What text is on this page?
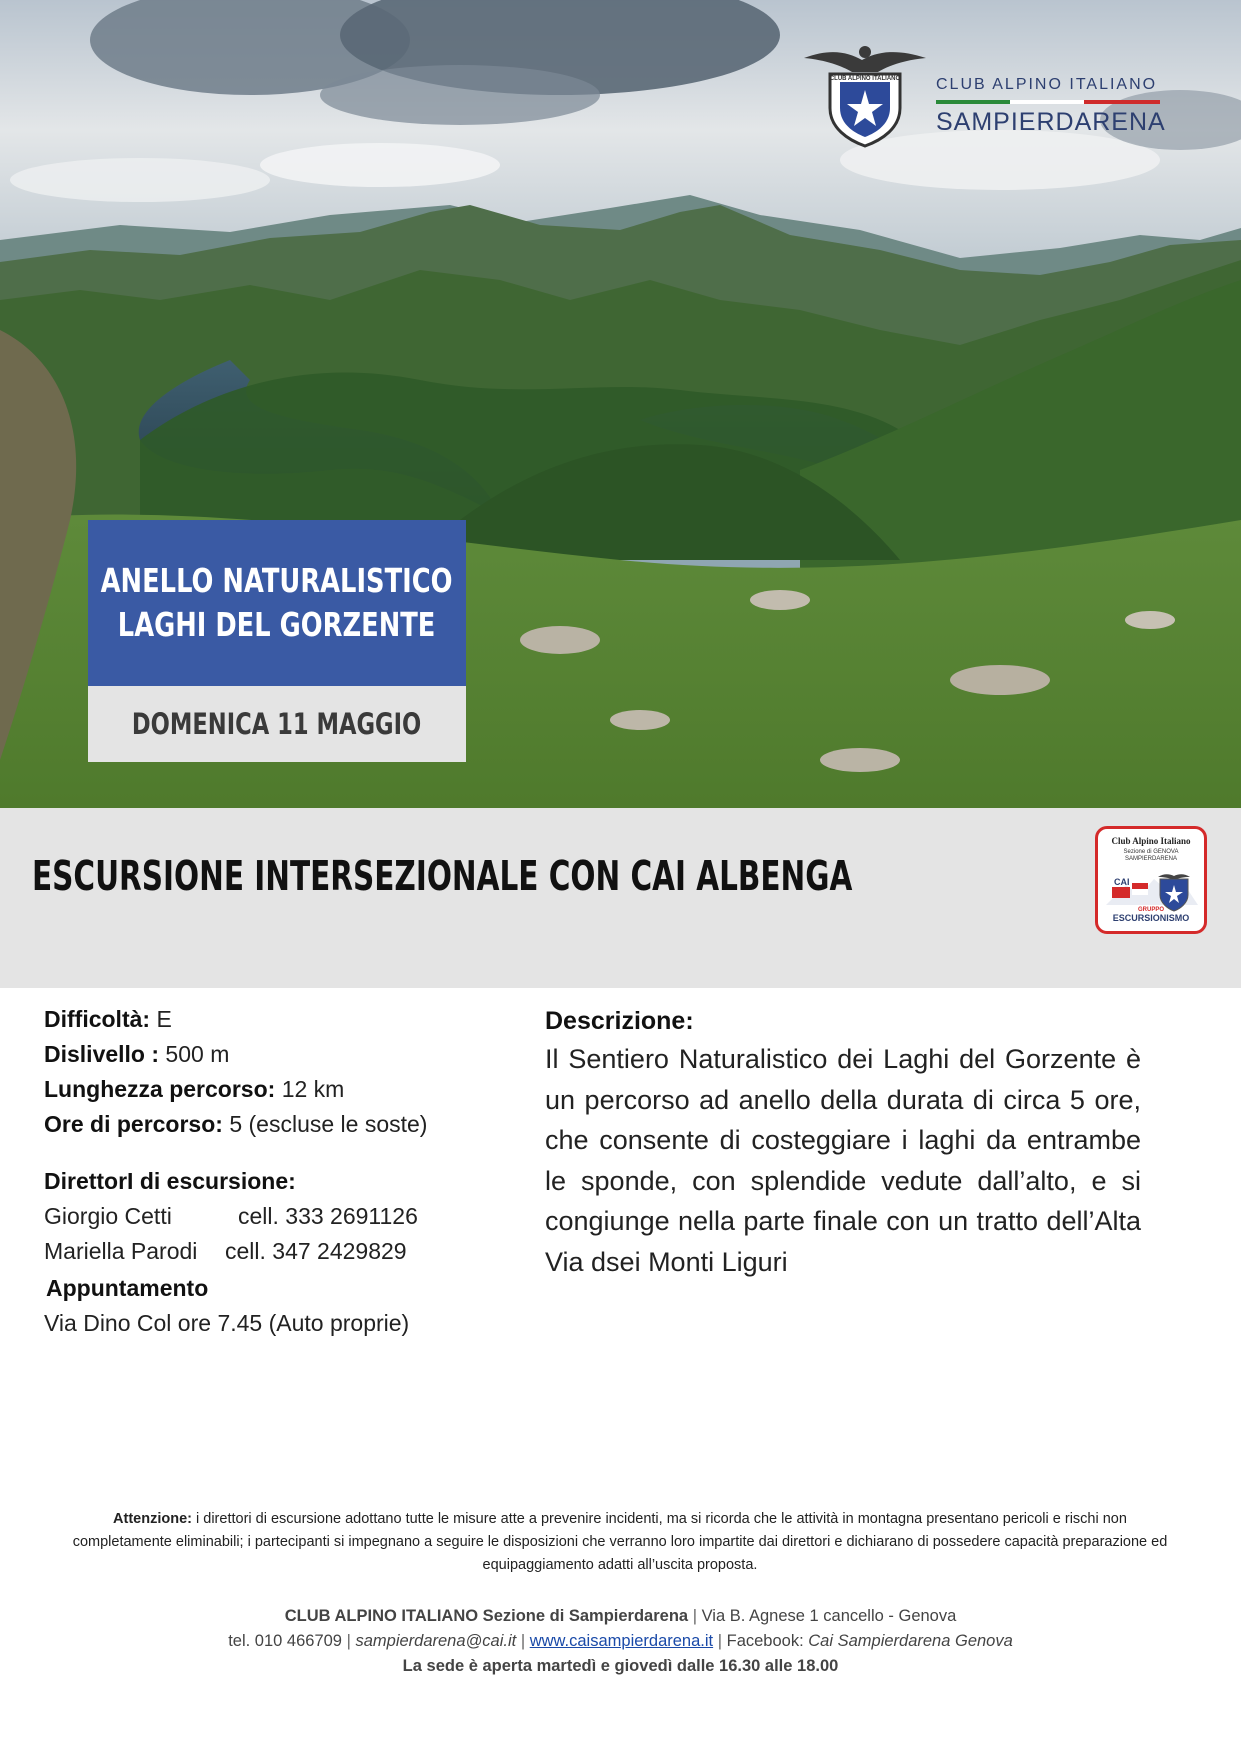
CLUB ALPINO ITALIANO CLUB ALPINO ITALIANO
SAMPIERDARENA
ANELLO NATURALISTICO
LAGHI DEL GORZENTE
DOMENICA 11 MAGGIO
ESCURSIONE INTERSEZIONALE CON CAI ALBENGA
Club Alpino Italiano
Sezione di GENOVA
SAMPIERDARENA
CAI
GRUPPO
ESCURSIONISMO
Difficoltà: E
Dislivello : 500 m
Lunghezza percorso: 12 km
Ore di percorso: 5 (escluse le soste)
DirettorI di escursione:
Giorgio Cetti	cell. 333 2691126
Mariella Parodi	cell. 347 2429829
Appuntamento
Via Dino Col ore 7.45 (Auto proprie)
Descrizione:
Il Sentiero Naturalistico dei Laghi del Gorzente è un percorso ad anello della durata di circa 5 ore, che consente di costeggiare i laghi da entrambe le sponde, con splendide vedute dall’alto, e si congiunge nella parte finale con un tratto dell’Alta Via dsei Monti Liguri
Attenzione: i direttori di escursione adottano tutte le misure atte a prevenire incidenti, ma si ricorda che le attività in montagna presentano pericoli e rischi non completamente eliminabili; i partecipanti si impegnano a seguire le disposizioni che verranno loro impartite dai direttori e dichiarano di possedere capacità preparazione ed equipaggiamento adatti all’uscita proposta.
CLUB ALPINO ITALIANO Sezione di Sampierdarena | Via B. Agnese 1 cancello - Genova
tel. 010 466709 | sampierdarena@cai.it | www.caisampierdarena.it | Facebook: Cai Sampierdarena Genova
La sede è aperta martedì e giovedì dalle 16.30 alle 18.00
